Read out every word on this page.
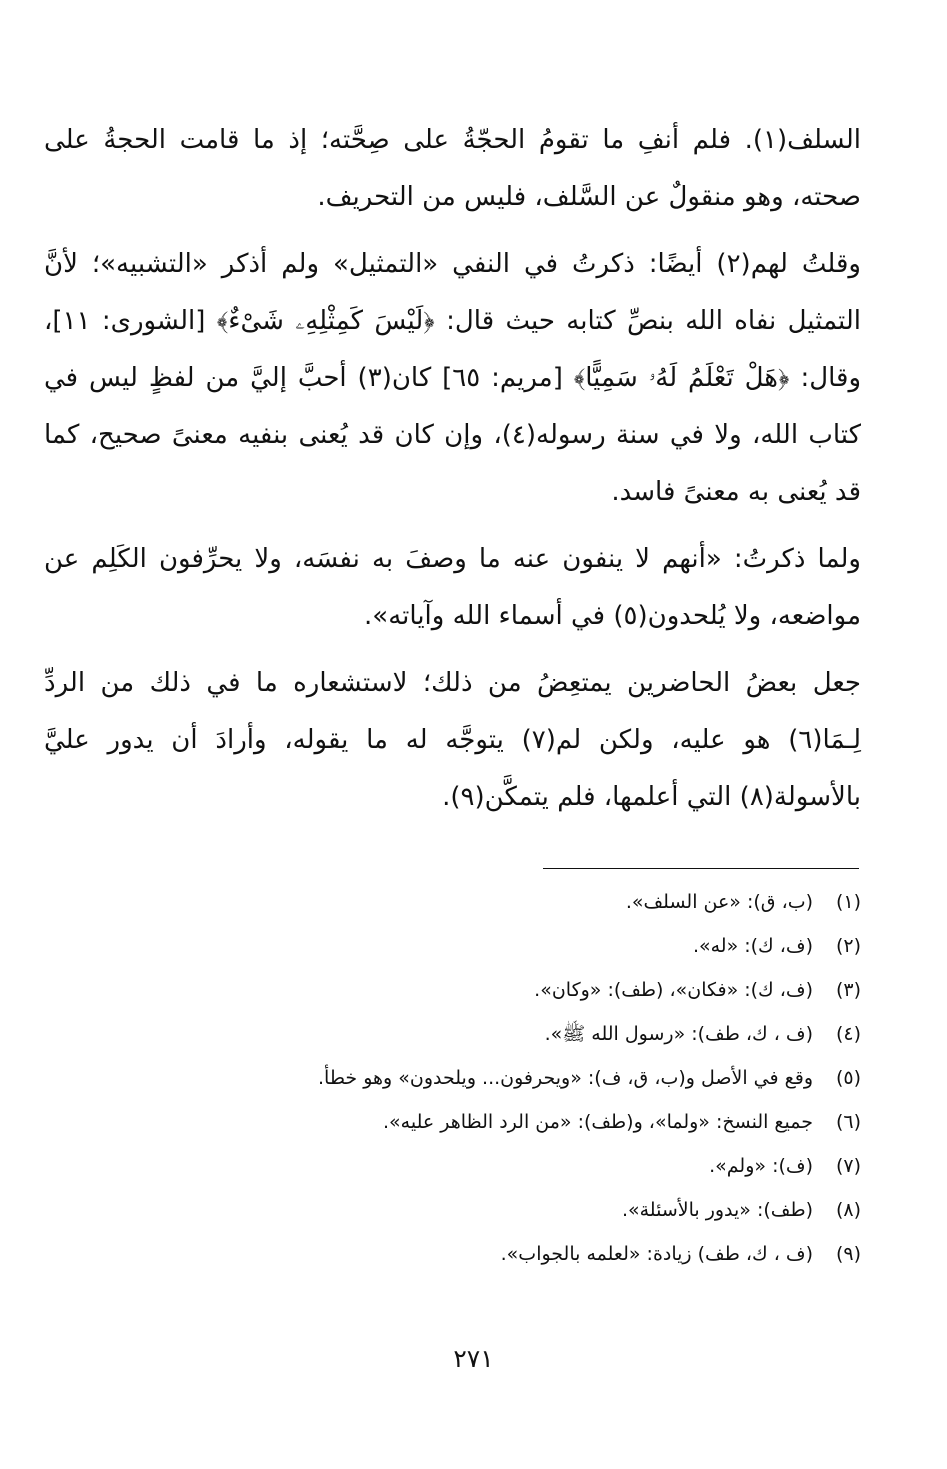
السلف(١). فلم أنفِ ما تقومُ الحجّةُ على صِحَّته؛ إذ ما قامت الحجةُ على صحته، وهو منقولٌ عن السَّلف، فليس من التحريف.

وقلتُ لهم(٢) أيضًا: ذكرتُ في النفي «التمثيل» ولم أذكر «التشبيه»؛ لأنَّ التمثيل نفاه الله بنصِّ كتابه حيث قال: ﴿لَيْسَ كَمِثْلِهِۦ شَىْءٌ﴾ [الشورى: ١١]، وقال: ﴿هَلْ تَعْلَمُ لَهُۥ سَمِيًّا﴾ [مريم: ٦٥] كان(٣) أحبَّ إليَّ من لفظٍ ليس في كتاب الله، ولا في سنة رسوله(٤)، وإن كان قد يُعنى بنفيه معنىً صحيح، كما قد يُعنى به معنىً فاسد.

ولما ذكرتُ: «أنهم لا ينفون عنه ما وصفَ به نفسَه، ولا يحرِّفون الكَلِم عن مواضعه، ولا يُلحدون(٥) في أسماء الله وآياته».

جعل بعضُ الحاضرين يمتعِضُ من ذلك؛ لاستشعاره ما في ذلك من الردِّ لِـمَا(٦) هو عليه، ولكن لم(٧) يتوجَّه له ما يقوله، وأرادَ أن يدور عليَّ بالأسولة(٨) التي أعلمها، فلم يتمكَّن(٩).

(١)
(ب، ق): «عن السلف».
(٢)
(ف، ك): «له».
(٣)
(ف، ك): «فكان»، (طف): «وكان».
(٤)
(ف ، ك، طف): «رسول الله ﷺ».
(٥)
وقع في الأصل و(ب، ق، ف): «ويحرفون... ويلحدون» وهو خطأ.
(٦)
جميع النسخ: «ولما»، و(طف): «من الرد الظاهر عليه».
(٧)
(ف): «ولم».
(٨)
(طف): «يدور بالأسئلة».
(٩)
(ف ، ك، طف) زيادة: «لعلمه بالجواب».
٢٧١
